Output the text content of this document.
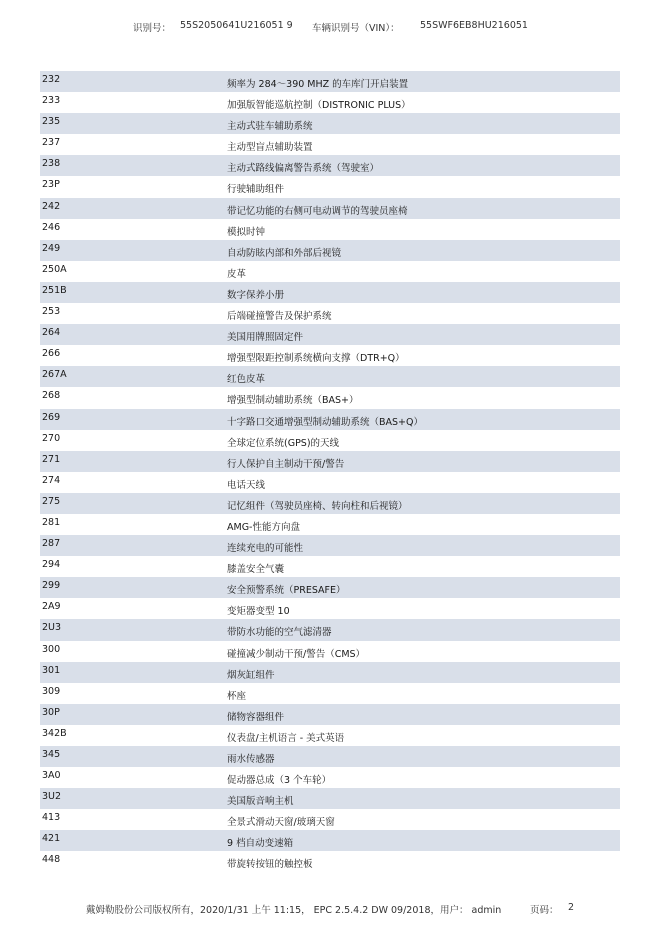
识别号： 55S2050641U216051 9 车辆识别号（VIN）： 55SWF6EB8HU216051
232	频率为 284～390 MHZ 的车库门开启装置
233	加强版智能巡航控制（DISTRONIC PLUS）
235	主动式驻车辅助系统
237	主动型盲点辅助装置
238	主动式路线偏离警告系统（驾驶室）
23P	行驶辅助组件
242	带记忆功能的右侧可电动调节的驾驶员座椅
246	模拟时钟
249	自动防眩内部和外部后视镜
250A	皮革
251B	数字保养小册
253	后端碰撞警告及保护系统
264	美国用牌照固定件
266	增强型限距控制系统横向支撑（DTR+Q）
267A	红色皮革
268	增强型制动辅助系统（BAS+）
269	十字路口交通增强型制动辅助系统（BAS+Q）
270	全球定位系统(GPS)的天线
271	行人保护自主制动干预/警告
274	电话天线
275	记忆组件（驾驶员座椅、转向柱和后视镜）
281	AMG-性能方向盘
287	连续充电的可能性
294	膝盖安全气囊
299	安全预警系统（PRESAFE）
2A9	变矩器变型 10
2U3	带防水功能的空气滤清器
300	碰撞减少制动干预/警告（CMS）
301	烟灰缸组件
309	杯座
30P	储物容器组件
342B	仪表盘/主机语言 - 美式英语
345	雨水传感器
3A0	促动器总成（3 个车轮）
3U2	美国版音响主机
413	全景式滑动天窗/玻璃天窗
421	9 档自动变速箱
448	带旋转按钮的触控板
戴姆勒股份公司版权所有，2020/1/31 上午 11:15， EPC 2.5.4.2 DW 09/2018，用户： admin	页码： 2
